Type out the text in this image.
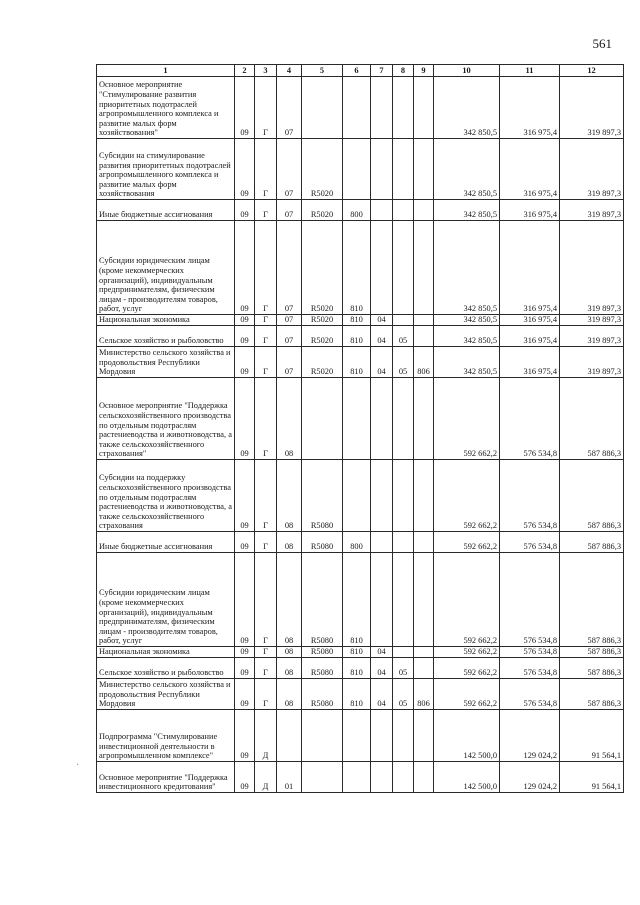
561
1	2	3	4	5	6	7	8	9	10	11	12
Основное мероприятие "Стимулирование развития приоритетных подотраслей агропромышленного комплекса и развитие малых форм хозяйствования"	09	Г	07						342 850,5	316 975,4	319 897,3
Субсидии на стимулирование развития приоритетных подотраслей агропромышленного комплекса и развитие малых форм хозяйствования	09	Г	07	R5020					342 850,5	316 975,4	319 897,3
Иные бюджетные ассигнования	09	Г	07	R5020	800				342 850,5	316 975,4	319 897,3
Субсидии юридическим лицам (кроме некоммерческих организаций), индивидуальным предпринимателям, физическим лицам - производителям товаров, работ, услуг	09	Г	07	R5020	810				342 850,5	316 975,4	319 897,3
Национальная экономика	09	Г	07	R5020	810	04			342 850,5	316 975,4	319 897,3
Сельское хозяйство и рыболовство	09	Г	07	R5020	810	04	05		342 850,5	316 975,4	319 897,3
Министерство сельского хозяйства и продовольствия Республики Мордовия	09	Г	07	R5020	810	04	05	806	342 850,5	316 975,4	319 897,3
Основное мероприятие "Поддержка сельскохозяйственного производства по отдельным подотраслям растениеводства и животноводства, а также сельскохозяйственного страхования"	09	Г	08						592 662,2	576 534,8	587 886,3
Субсидии на поддержку сельскохозяйственного производства по отдельным подотраслям растениеводства и животноводства, а также сельскохозяйственного страхования	09	Г	08	R5080					592 662,2	576 534,8	587 886,3
Иные бюджетные ассигнования	09	Г	08	R5080	800				592 662,2	576 534,8	587 886,3
Субсидии юридическим лицам (кроме некоммерческих организаций), индивидуальным предпринимателям, физическим лицам - производителям товаров, работ, услуг	09	Г	08	R5080	810				592 662,2	576 534,8	587 886,3
Национальная экономика	09	Г	08	R5080	810	04			592 662,2	576 534,8	587 886,3
Сельское хозяйство и рыболовство	09	Г	08	R5080	810	04	05		592 662,2	576 534,8	587 886,3
Министерство сельского хозяйства и продовольствия Республики Мордовия	09	Г	08	R5080	810	04	05	806	592 662,2	576 534,8	587 886,3
Подпрограмма "Стимулирование инвестиционной деятельности в агропромышленном комплексе"	09	Д							142 500,0	129 024,2	91 564,1
Основное мероприятие "Поддержка инвестиционного кредитования"	09	Д	01						142 500,0	129 024,2	91 564,1
·
